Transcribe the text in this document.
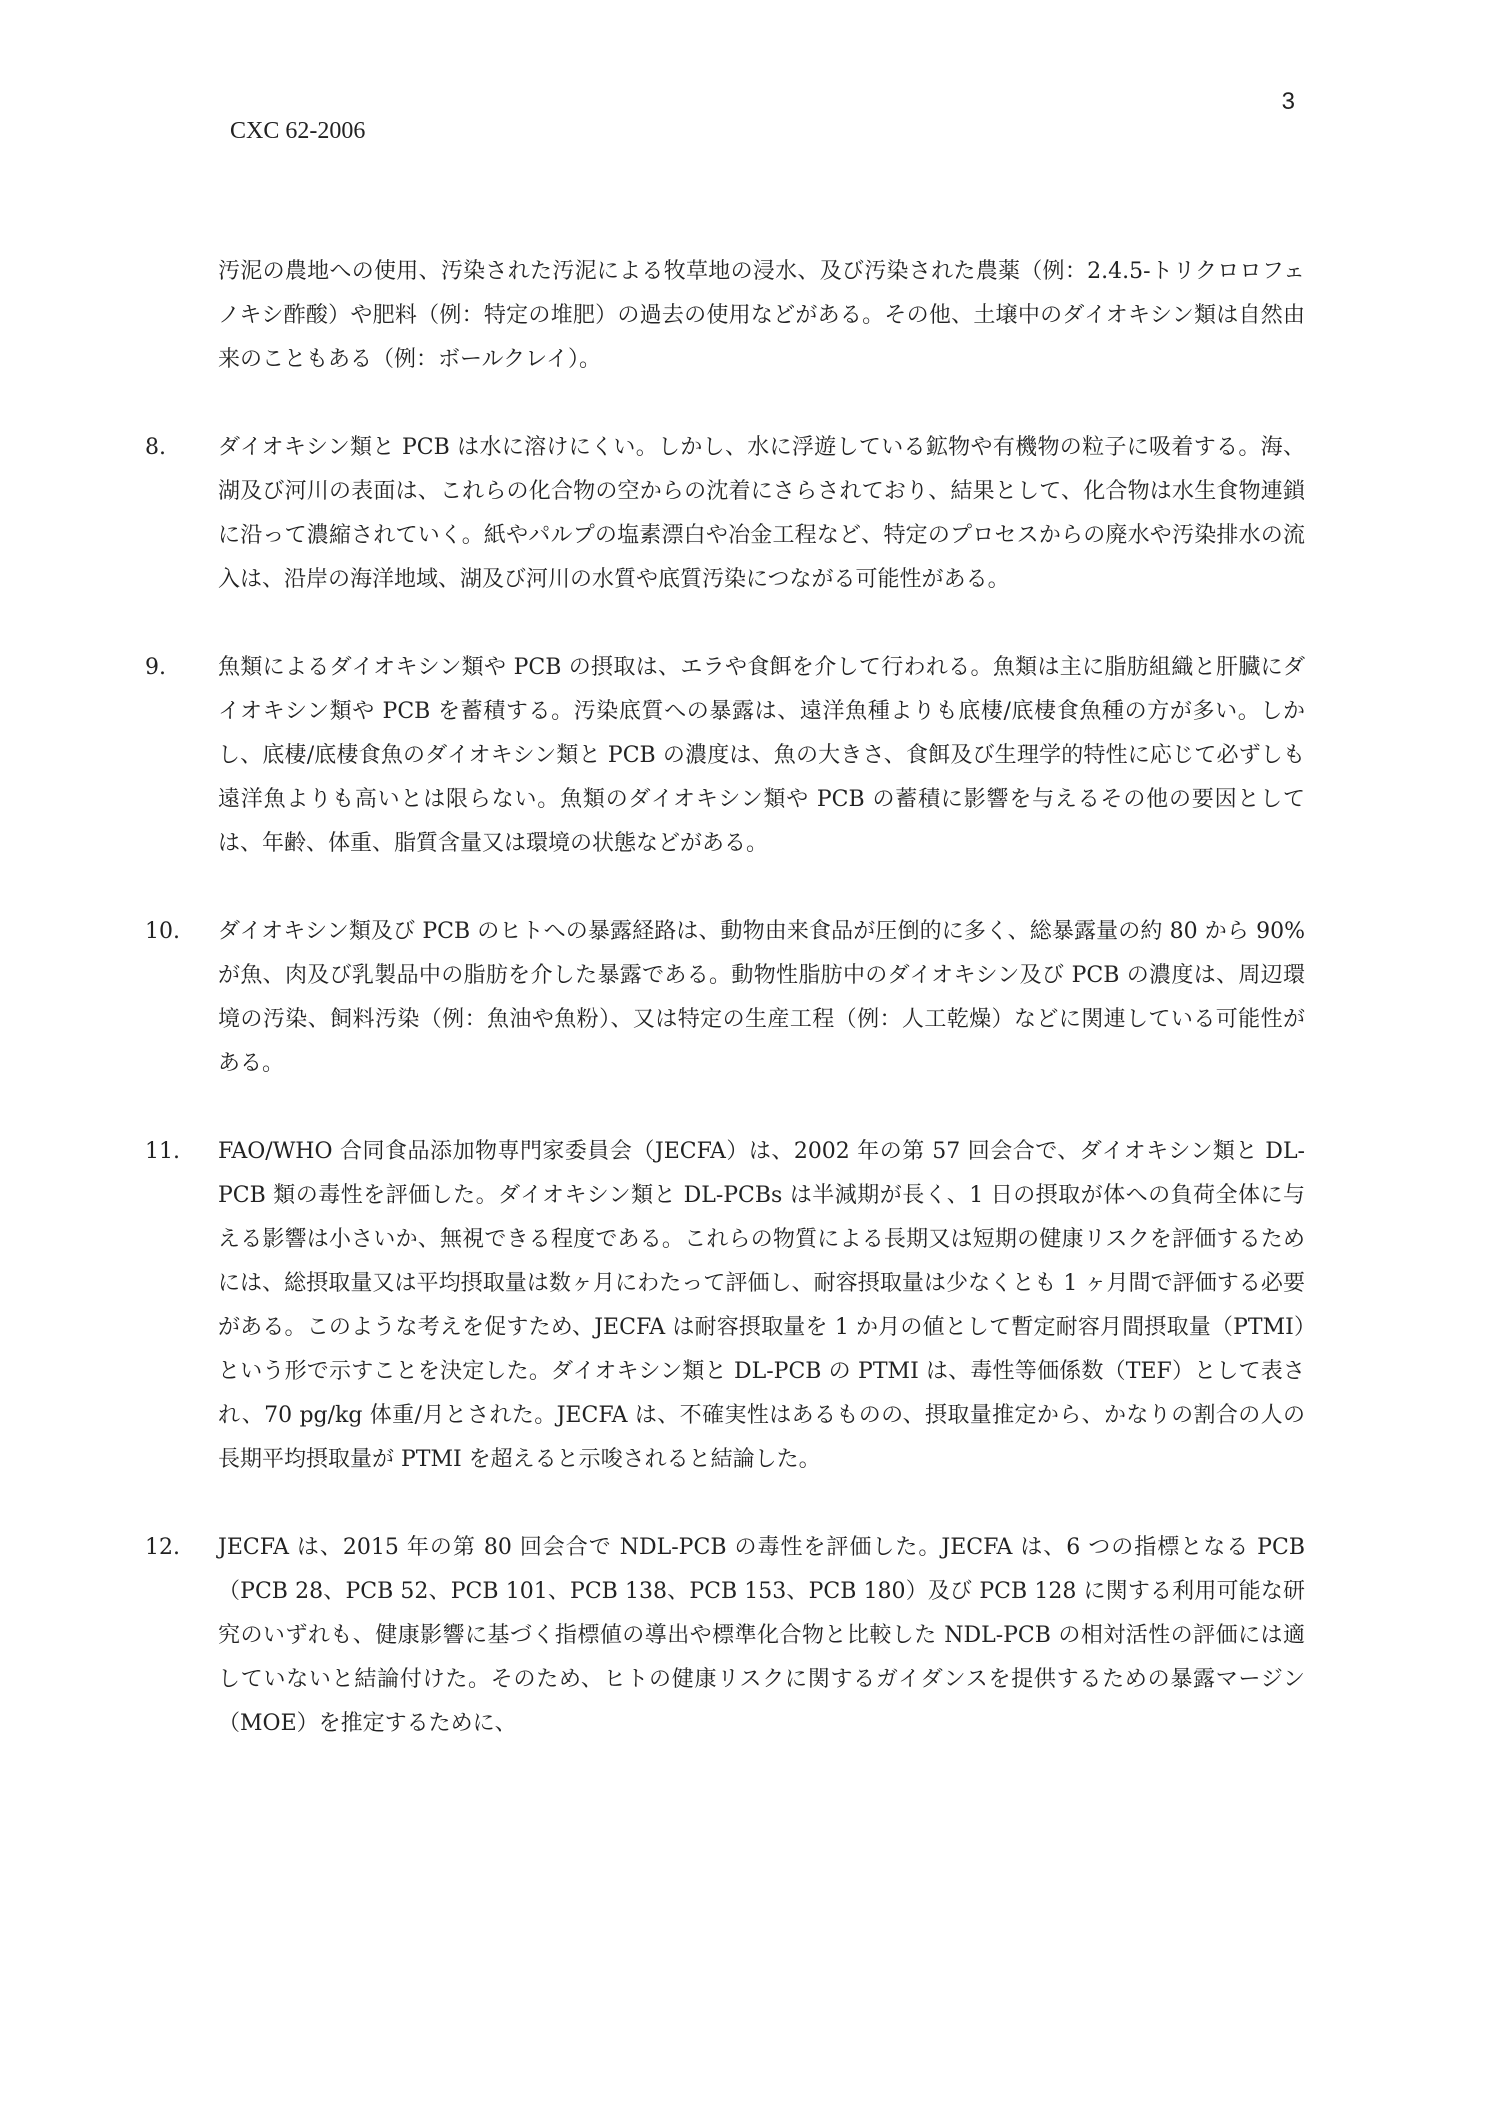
3
CXC 62-2006

汚泥の農地への使用、汚染された汚泥による牧草地の浸水、及び汚染された農薬（例：2.4.5-トリクロロフェノキシ酢酸）や肥料（例：特定の堆肥）の過去の使用などがある。その他、土壌中のダイオキシン類は自然由来のこともある（例：ボールクレイ）。

8.	ダイオキシン類と PCB は水に溶けにくい。しかし、水に浮遊している鉱物や有機物の粒子に吸着する。海、湖及び河川の表面は、これらの化合物の空からの沈着にさらされており、結果として、化合物は水生食物連鎖に沿って濃縮されていく。紙やパルプの塩素漂白や冶金工程など、特定のプロセスからの廃水や汚染排水の流入は、沿岸の海洋地域、湖及び河川の水質や底質汚染につながる可能性がある。

9.	魚類によるダイオキシン類や PCB の摂取は、エラや食餌を介して行われる。魚類は主に脂肪組織と肝臓にダイオキシン類や PCB を蓄積する。汚染底質への暴露は、遠洋魚種よりも底棲/底棲食魚種の方が多い。しかし、底棲/底棲食魚のダイオキシン類と PCB の濃度は、魚の大きさ、食餌及び生理学的特性に応じて必ずしも遠洋魚よりも高いとは限らない。魚類のダイオキシン類や PCB の蓄積に影響を与えるその他の要因としては、年齢、体重、脂質含量又は環境の状態などがある。

10.	ダイオキシン類及び PCB のヒトへの暴露経路は、動物由来食品が圧倒的に多く、総暴露量の約 80 から 90%が魚、肉及び乳製品中の脂肪を介した暴露である。動物性脂肪中のダイオキシン及び PCB の濃度は、周辺環境の汚染、飼料汚染（例：魚油や魚粉）、又は特定の生産工程（例：人工乾燥）などに関連している可能性がある。

11.	FAO/WHO 合同食品添加物専門家委員会（JECFA）は、2002 年の第 57 回会合で、ダイオキシン類と DL-PCB 類の毒性を評価した。ダイオキシン類と DL-PCBs は半減期が長く、1 日の摂取が体への負荷全体に与える影響は小さいか、無視できる程度である。これらの物質による長期又は短期の健康リスクを評価するためには、総摂取量又は平均摂取量は数ヶ月にわたって評価し、耐容摂取量は少なくとも 1 ヶ月間で評価する必要がある。このような考えを促すため、JECFA は耐容摂取量を 1 か月の値として暫定耐容月間摂取量（PTMI）という形で示すことを決定した。ダイオキシン類と DL-PCB の PTMI は、毒性等価係数（TEF）として表され、70 pg/kg 体重/月とされた。JECFA は、不確実性はあるものの、摂取量推定から、かなりの割合の人の長期平均摂取量が PTMI を超えると示唆されると結論した。

12.	JECFA は、2015 年の第 80 回会合で NDL-PCB の毒性を評価した。JECFA は、6 つの指標となる PCB（PCB 28、PCB 52、PCB 101、PCB 138、PCB 153、PCB 180）及び PCB 128 に関する利用可能な研究のいずれも、健康影響に基づく指標値の導出や標準化合物と比較した NDL-PCB の相対活性の評価には適していないと結論付けた。そのため、ヒトの健康リスクに関するガイダンスを提供するための暴露マージン（MOE）を推定するために、
